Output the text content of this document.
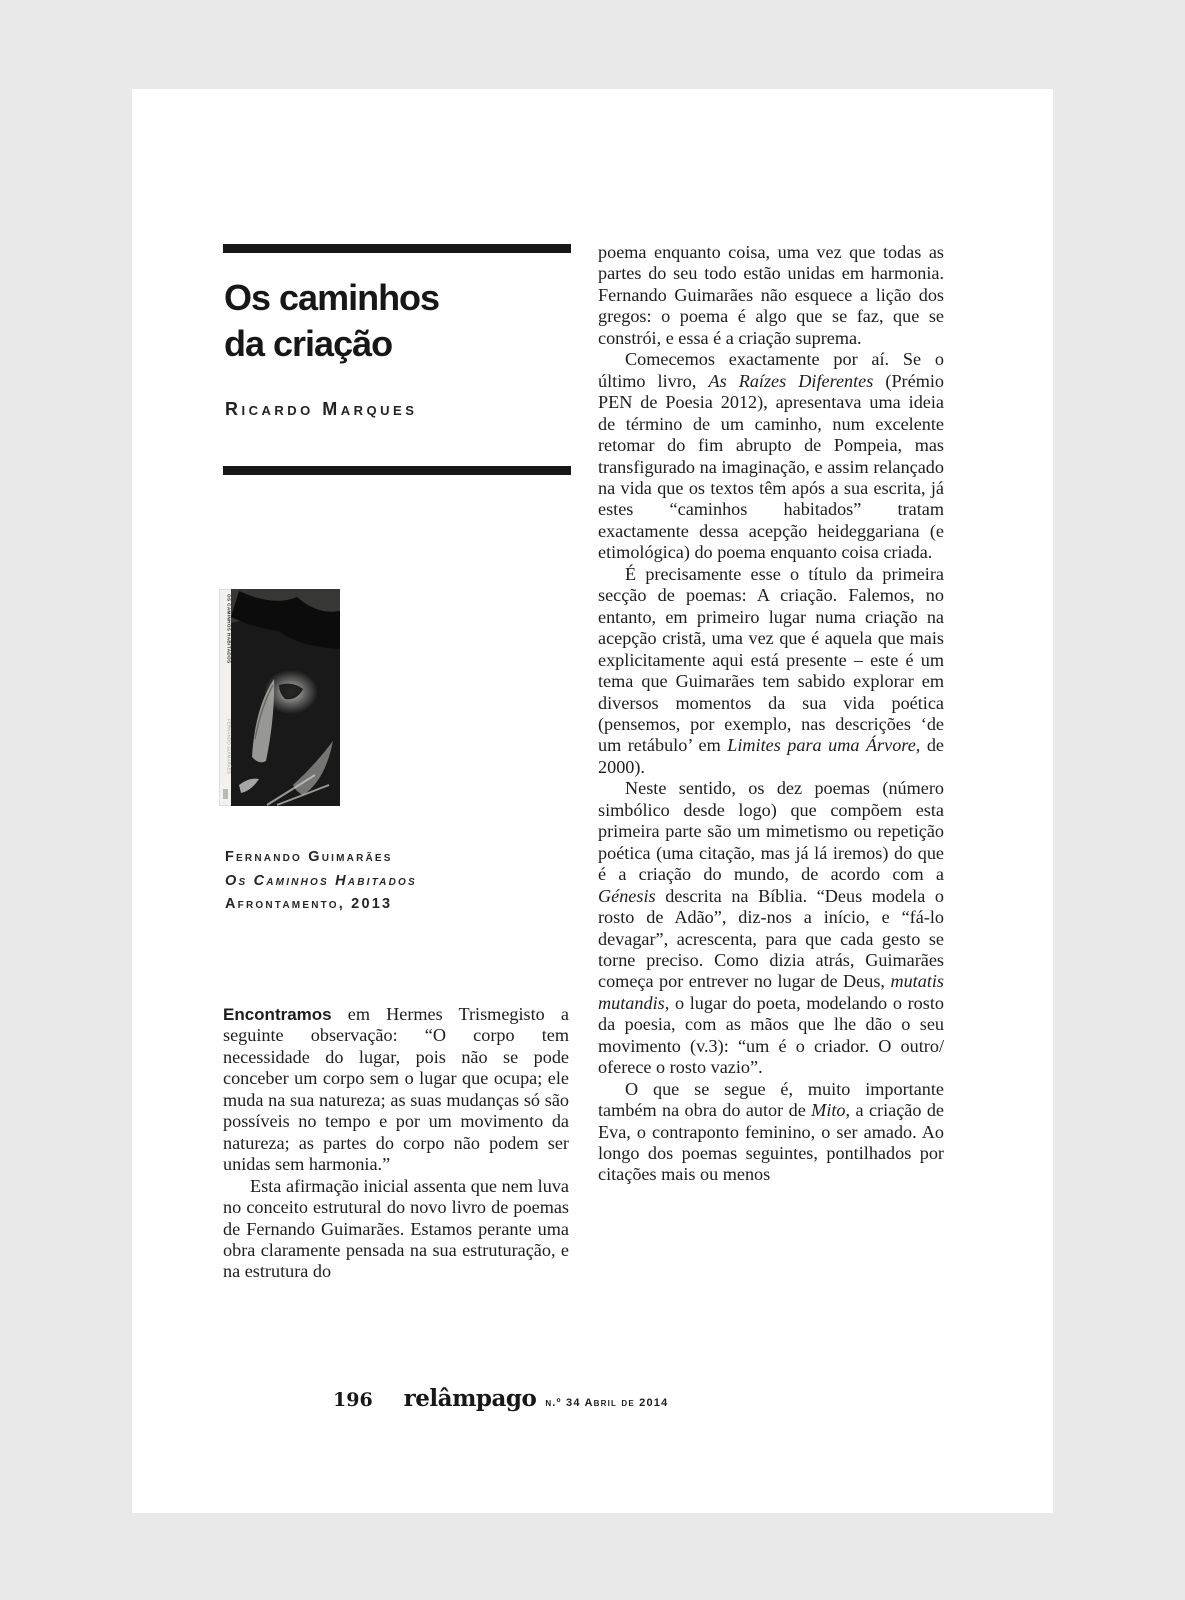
Os caminhos
da criação
Ricardo Marques
OS CAMINHOS HABITADOS
FERNANDO GUIMARÃES
Fernando Guimarães
Os Caminhos Habitados
Afrontamento, 2013

Encontramos em Hermes Trismegisto a seguinte observação: “O corpo tem necessidade do lugar, pois não se pode conceber um corpo sem o lugar que ocupa; ele muda na sua natureza; as suas mudanças só são possíveis no tempo e por um movimento da natureza; as partes do corpo não podem ser unidas sem harmonia.”

Esta afirmação inicial assenta que nem luva no conceito estrutural do novo livro de poemas de Fernando Guimarães. Estamos perante uma obra claramente pensada na sua estruturação, e na estrutura do

poema enquanto coisa, uma vez que todas as partes do seu todo estão unidas em harmonia. Fernando Guimarães não esquece a lição dos gregos: o poema é algo que se faz, que se constrói, e essa é a criação suprema.

Comecemos exactamente por aí. Se o último livro, As Raízes Diferentes (Prémio PEN de Poesia 2012), apresentava uma ideia de término de um caminho, num excelente retomar do fim abrupto de Pompeia, mas transfigurado na imaginação, e assim relançado na vida que os textos têm após a sua escrita, já estes “caminhos habitados” tratam exactamente dessa acepção heideggariana (e etimológica) do poema enquanto coisa criada.

É precisamente esse o título da primeira secção de poemas: A criação. Falemos, no entanto, em primeiro lugar numa criação na acepção cristã, uma vez que é aquela que mais explicitamente aqui está presente – este é um tema que Guimarães tem sabido explorar em diversos momentos da sua vida poética (pensemos, por exemplo, nas descrições ‘de um retábulo’ em Limites para uma Árvore, de 2000).

Neste sentido, os dez poemas (número simbólico desde logo) que compõem esta primeira parte são um mimetismo ou repetição poética (uma citação, mas já lá iremos) do que é a criação do mundo, de acordo com a Génesis descrita na Bíblia. “Deus modela o rosto de Adão”, diz-nos a início, e “fá-lo devagar”, acrescenta, para que cada gesto se torne preciso. Como dizia atrás, Guimarães começa por entrever no lugar de Deus, mutatis mutandis, o lugar do poeta, modelando o rosto da poesia, com as mãos que lhe dão o seu movimento (v.3): “um é o criador. O outro/ oferece o rosto vazio”.

O que se segue é, muito importante também na obra do autor de Mito, a criação de Eva, o contraponto feminino, o ser amado. Ao longo dos poemas seguintes, pontilhados por citações mais ou menos

196 relâmpago n.º 34 Abril de 2014
